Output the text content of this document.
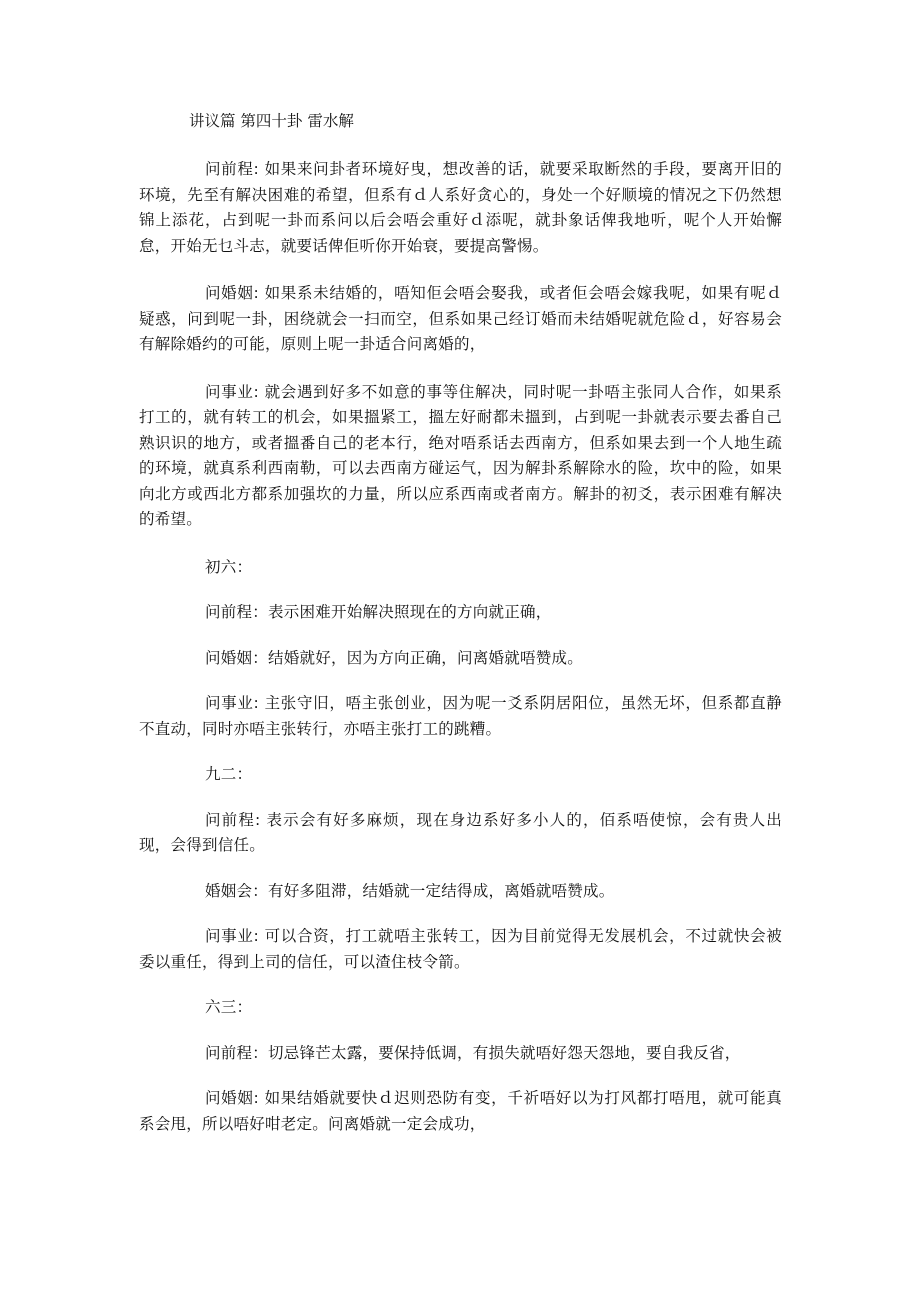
讲议篇 第四十卦 雷水解

问前程: 如果来问卦者环境好曳，想改善的话，就要采取断然的手段，要离开旧的环境，先至有解决困难的希望，但系有ｄ人系好贪心的，身处一个好顺境的情况之下仍然想锦上添花，占到呢一卦而系问以后会唔会重好ｄ添呢，就卦象话俾我地听，呢个人开始懈怠，开始无乜斗志，就要话俾佢听你开始衰，要提高警惕。

问婚姻: 如果系未结婚的，唔知佢会唔会娶我，或者佢会唔会嫁我呢，如果有呢ｄ疑惑，问到呢一卦，困绕就会一扫而空，但系如果己经订婚而未结婚呢就危险ｄ，好容易会有解除婚约的可能，原则上呢一卦适合问离婚的，

问事业: 就会遇到好多不如意的事等住解决，同时呢一卦唔主张同人合作，如果系打工的，就有转工的机会，如果搵紧工，搵左好耐都未搵到，占到呢一卦就表示要去番自己熟识识的地方，或者搵番自己的老本行，绝对唔系话去西南方，但系如果去到一个人地生疏的环境，就真系利西南勒，可以去西南方碰运气，因为解卦系解除水的险，坎中的险，如果向北方或西北方都系加强坎的力量，所以应系西南或者南方。解卦的初爻，表示困难有解决的希望。

初六：

问前程：表示困难开始解决照现在的方向就正确，

问婚姻：结婚就好，因为方向正确，问离婚就唔赞成。

问事业: 主张守旧，唔主张创业，因为呢一爻系阴居阳位，虽然无坏，但系都直静不直动，同时亦唔主张转行，亦唔主张打工的跳糟。

九二：

问前程: 表示会有好多麻烦，现在身边系好多小人的，佰系唔使惊，会有贵人出现，会得到信任。

婚姻会：有好多阻滞，结婚就一定结得成，离婚就唔赞成。

问事业: 可以合资，打工就唔主张转工，因为目前觉得无发展机会，不过就快会被委以重任，得到上司的信任，可以渣住枝令箭。

六三：

问前程：切忌锋芒太露，要保持低调，有损失就唔好怨天怨地，要自我反省，

问婚姻: 如果结婚就要快ｄ迟则恐防有变，千祈唔好以为打风都打唔甩，就可能真系会甩，所以唔好咁老定。问离婚就一定会成功，
